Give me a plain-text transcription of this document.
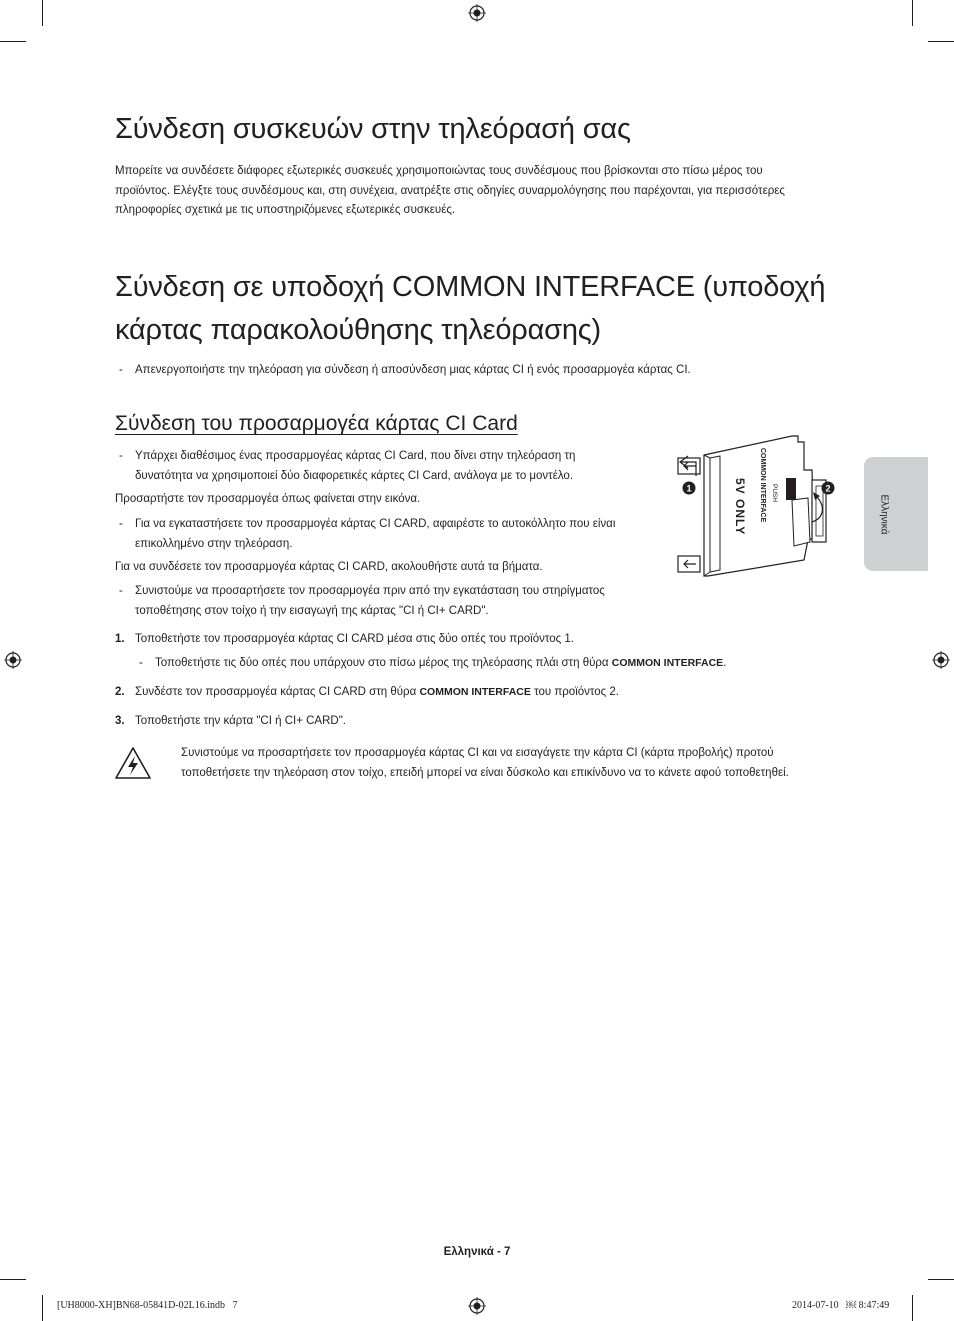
Σύνδεση συσκευών στην τηλεόρασή σας
Μπορείτε να συνδέσετε διάφορες εξωτερικές συσκευές χρησιμοποιώντας τους συνδέσμους που βρίσκονται στο πίσω μέρος του
προϊόντος. Ελέγξτε τους συνδέσμους και, στη συνέχεια, ανατρέξτε στις οδηγίες συναρμολόγησης που παρέχονται, για περισσότερες
πληροφορίες σχετικά με τις υποστηριζόμενες εξωτερικές συσκευές.
Σύνδεση σε υποδοχή COMMON INTERFACE (υποδοχή
κάρτας παρακολούθησης τηλεόρασης)
- Απενεργοποιήστε την τηλεόραση για σύνδεση ή αποσύνδεση μιας κάρτας CI ή ενός προσαρμογέα κάρτας CI.
Σύνδεση του προσαρμογέα κάρτας CI Card
- Υπάρχει διαθέσιμος ένας προσαρμογέας κάρτας CI Card, που δίνει στην τηλεόραση τη
δυνατότητα να χρησιμοποιεί δύο διαφορετικές κάρτες CI Card, ανάλογα με το μοντέλο.
Προσαρτήστε τον προσαρμογέα όπως φαίνεται στην εικόνα.
- Για να εγκαταστήσετε τον προσαρμογέα κάρτας CI CARD, αφαιρέστε το αυτοκόλλητο που είναι
επικολλημένο στην τηλεόραση.
Για να συνδέσετε τον προσαρμογέα κάρτας CI CARD, ακολουθήστε αυτά τα βήματα.
- Συνιστούμε να προσαρτήσετε τον προσαρμογέα πριν από την εγκατάσταση του στηρίγματος
τοποθέτησης στον τοίχο ή την εισαγωγή της κάρτας "CI ή CI+ CARD".
PUSH
COMMON INTERFACE
5V ONLY
1	2
1. Τοποθετήστε τον προσαρμογέα κάρτας CI CARD μέσα στις δύο οπές του προϊόντος 1.
- Τοποθετήστε τις δύο οπές που υπάρχουν στο πίσω μέρος της τηλεόρασης πλάι στη θύρα COMMON INTERFACE.
2. Συνδέστε τον προσαρμογέα κάρτας CI CARD στη θύρα COMMON INTERFACE του προϊόντος 2.
3. Τοποθετήστε την κάρτα "CI ή CI+ CARD".
Συνιστούμε να προσαρτήσετε τον προσαρμογέα κάρτας CI και να εισαγάγετε την κάρτα CI (κάρτα προβολής) προτού
τοποθετήσετε την τηλεόραση στον τοίχο, επειδή μπορεί να είναι δύσκολο και επικίνδυνο να το κάνετε αφού τοποθετηθεί.
Ελληνικά
Ελληνικά - 7
[UH8000-XH]BN68-05841D-02L16.indb   7	2014-07-10   ￼ 8:47:49
